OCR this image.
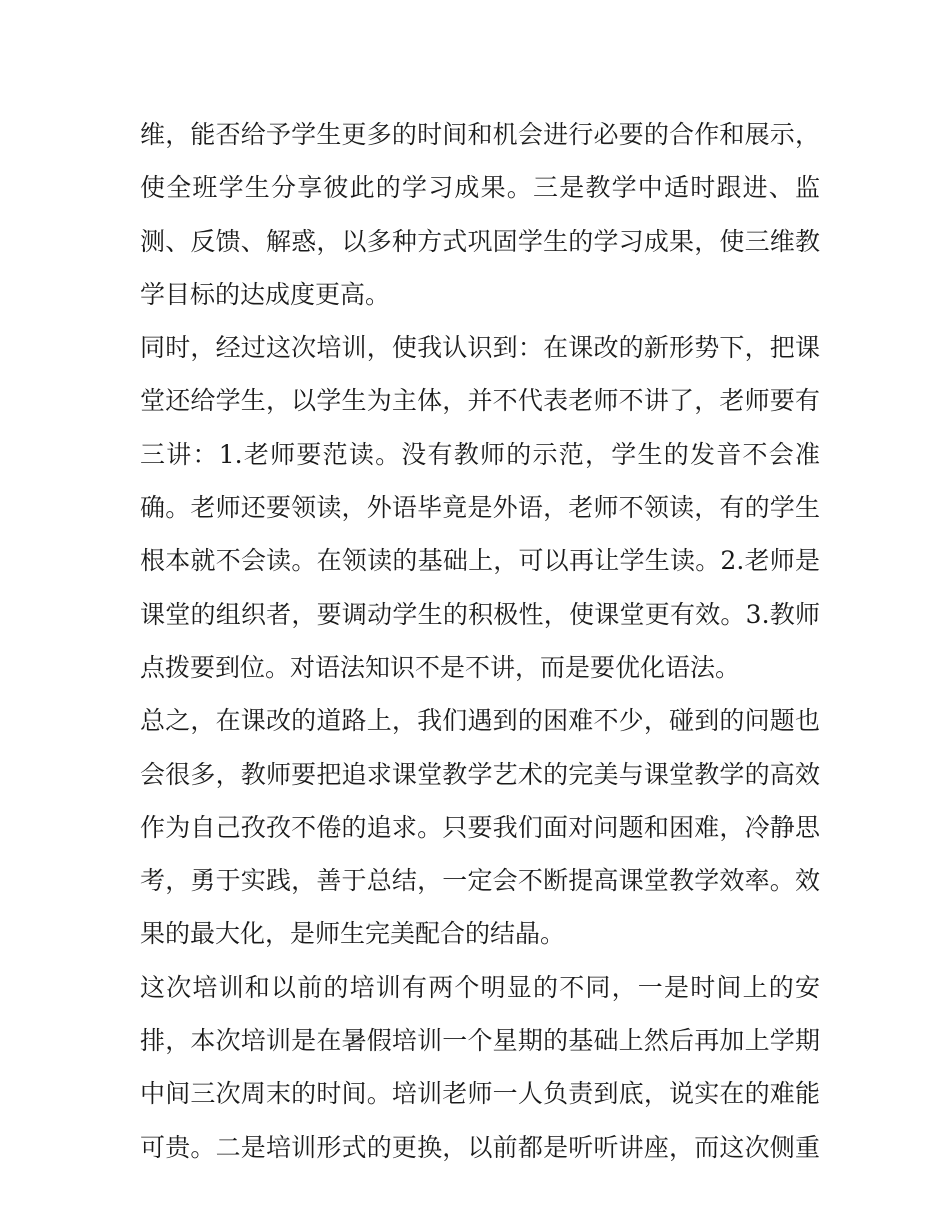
维，能否给予学生更多的时间和机会进行必要的合作和展示，
使全班学生分享彼此的学习成果。三是教学中适时跟进、监
测、反馈、解惑，以多种方式巩固学生的学习成果，使三维教
学目标的达成度更高。

同时，经过这次培训，使我认识到：在课改的新形势下，把课
堂还给学生，以学生为主体，并不代表老师不讲了，老师要有
三讲：1.老师要范读。没有教师的示范，学生的发音不会准
确。老师还要领读，外语毕竟是外语，老师不领读，有的学生
根本就不会读。在领读的基础上，可以再让学生读。2.老师是
课堂的组织者，要调动学生的积极性，使课堂更有效。3.教师
点拨要到位。对语法知识不是不讲，而是要优化语法。

总之，在课改的道路上，我们遇到的困难不少，碰到的问题也
会很多，教师要把追求课堂教学艺术的完美与课堂教学的高效
作为自己孜孜不倦的追求。只要我们面对问题和困难，冷静思
考，勇于实践，善于总结，一定会不断提高课堂教学效率。效
果的最大化，是师生完美配合的结晶。

这次培训和以前的培训有两个明显的不同，一是时间上的安
排，本次培训是在暑假培训一个星期的基础上然后再加上学期
中间三次周末的时间。培训老师一人负责到底，说实在的难能
可贵。二是培训形式的更换，以前都是听听讲座，而这次侧重
